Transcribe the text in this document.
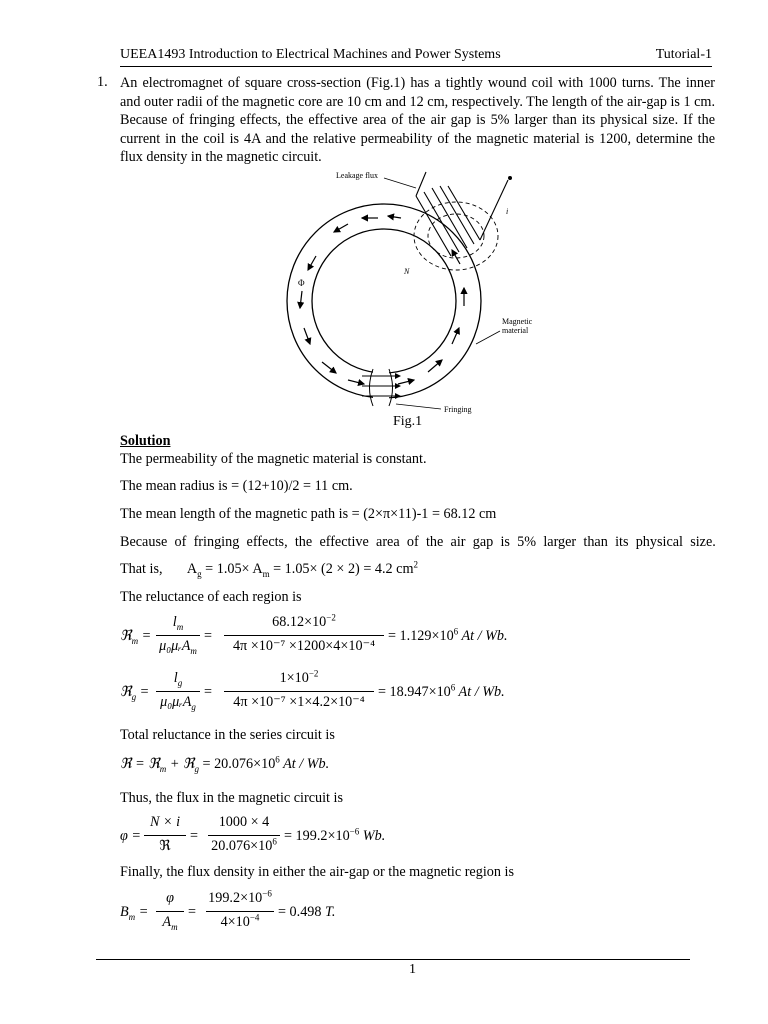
UEEA1493 Introduction to Electrical Machines and Power Systems	Tutorial-1
1. An electromagnet of square cross-section (Fig.1) has a tightly wound coil with 1000 turns. The inner and outer radii of the magnetic core are 10 cm and 12 cm, respectively. The length of the air-gap is 1 cm. Because of fringing effects, the effective area of the air gap is 5% larger than its physical size. If the current in the coil is 4A and the relative permeability of the magnetic material is 1200, determine the flux density in the magnetic circuit.
Leakage flux
Magnetic
material
Fringing
i
N
Φ
Fig.1
Solution
The permeability of the magnetic material is constant.
The mean radius is = (12+10)/2 = 11 cm.
The mean length of the magnetic path is = (2×π×11)-1 = 68.12 cm
Because of fringing effects, the effective area of the air gap is 5% larger than its physical size.
That is, $A_g = 1.05\times A_m = 1.05\times (2 \times 2) = 4.2$ $cm^2$
The reluctance of each region is
ℜ$_m$ =
$l_m$
μ₀μᵣA$_m$
=
$68.12\times 10^{-2}$
4π ×10⁻⁷ ×1200×4×10⁻⁴
= $1.129\times 10^6$ At / Wb.
ℜ$_g$ =
$l_g$
μ₀μᵣA$_g$
=
$1\times 10^{-2}$
4π ×10⁻⁷ ×1×4.2×10⁻⁴
= $18.947\times 10^6$ At / Wb.
Total reluctance in the series circuit is
ℜ = ℜ$_m$ + ℜ$_g$ = $20.076\times 10^6$ At / Wb.
Thus, the flux in the magnetic circuit is
φ =
N × i
ℜ
=
1000 × 4
$20.076\times 10^6 = 199.2\times 10^{-6}$ Wb.
Finally, the flux density in either the air-gap or the magnetic region is
$B_m$ =
φ
$A_m$
=
$199.2\times 10^{-6}$
$4\times 10^{-4}$	= 0.498 T.
1
